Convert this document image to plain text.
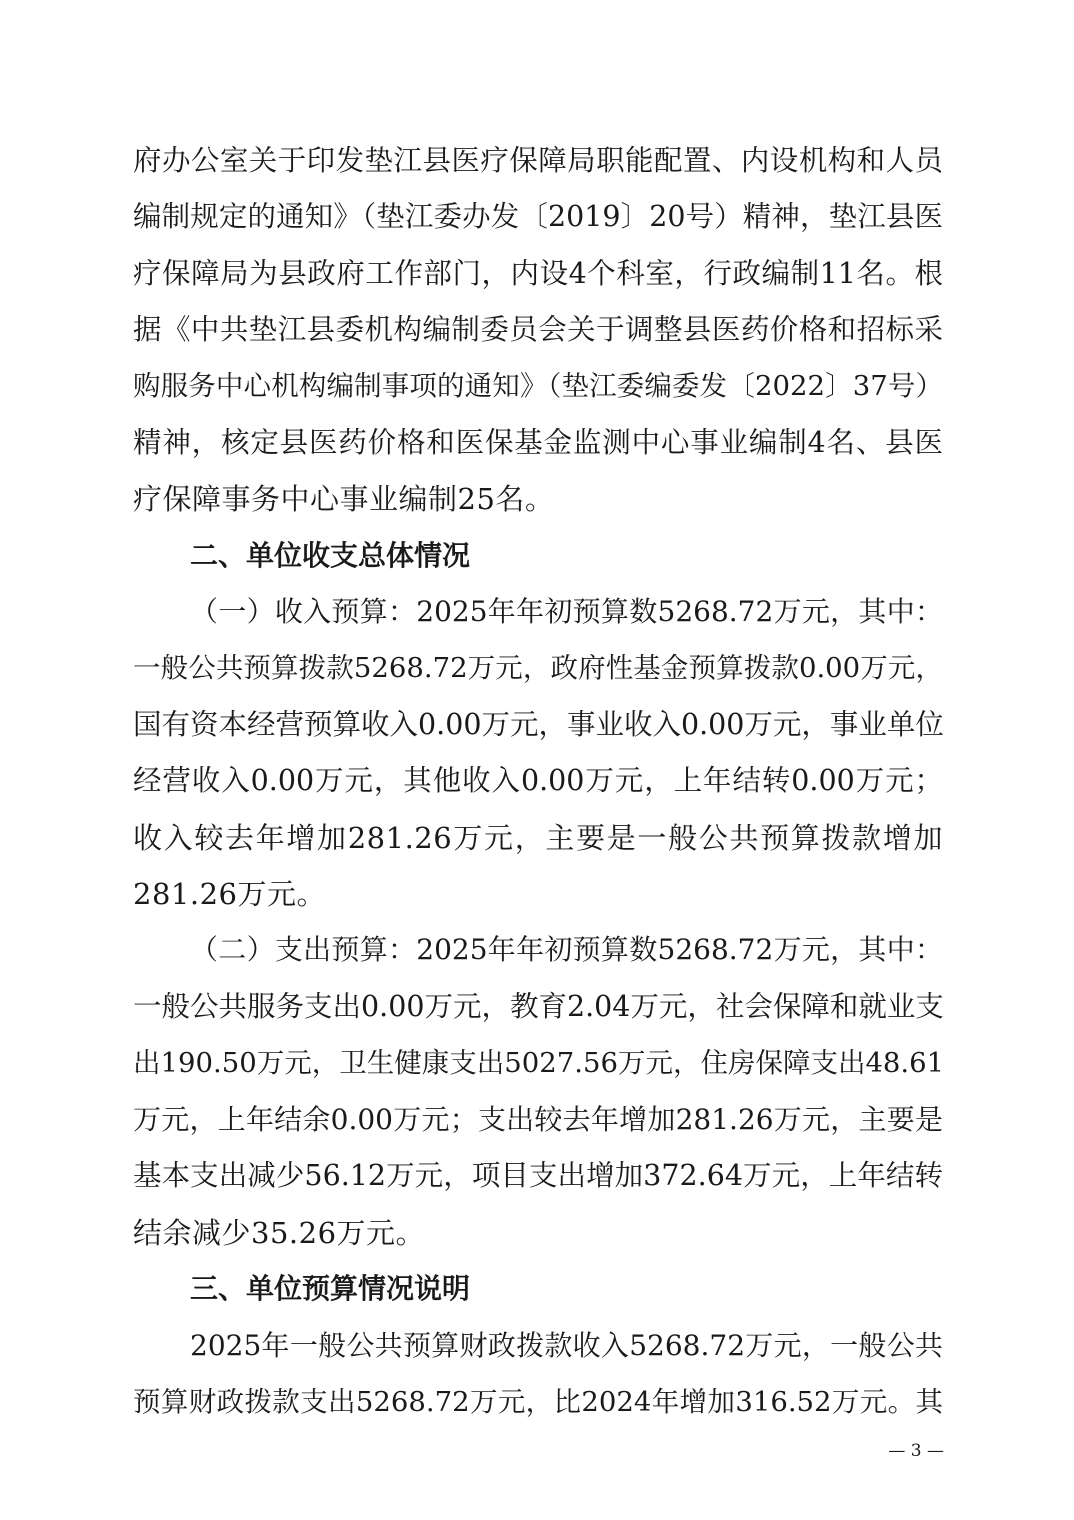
府办公室关于印发垫江县医疗保障局职能配置、内设机构和人员
编制规定的通知》（垫江委办发〔2019〕20号）精神，垫江县医
疗保障局为县政府工作部门，内设4个科室，行政编制11名。根
据《中共垫江县委机构编制委员会关于调整县医药价格和招标采
购服务中心机构编制事项的通知》（垫江委编委发〔2022〕37号）
精神，核定县医药价格和医保基金监测中心事业编制4名、县医
疗保障事务中心事业编制25名。
二、单位收支总体情况
（一）收入预算：2025年年初预算数5268.72万元，其中：
一般公共预算拨款5268.72万元，政府性基金预算拨款0.00万元，
国有资本经营预算收入0.00万元，事业收入0.00万元，事业单位
经营收入0.00万元，其他收入0.00万元，上年结转0.00万元；
收入较去年增加281.26万元，主要是一般公共预算拨款增加
281.26万元。
（二）支出预算：2025年年初预算数5268.72万元，其中：
一般公共服务支出0.00万元，教育2.04万元，社会保障和就业支
出190.50万元，卫生健康支出5027.56万元，住房保障支出48.61
万元，上年结余0.00万元；支出较去年增加281.26万元，主要是
基本支出减少56.12万元，项目支出增加372.64万元，上年结转
结余减少35.26万元。
三、单位预算情况说明
2025年一般公共预算财政拨款收入5268.72万元，一般公共
预算财政拨款支出5268.72万元，比2024年增加316.52万元。其
— 3 —
